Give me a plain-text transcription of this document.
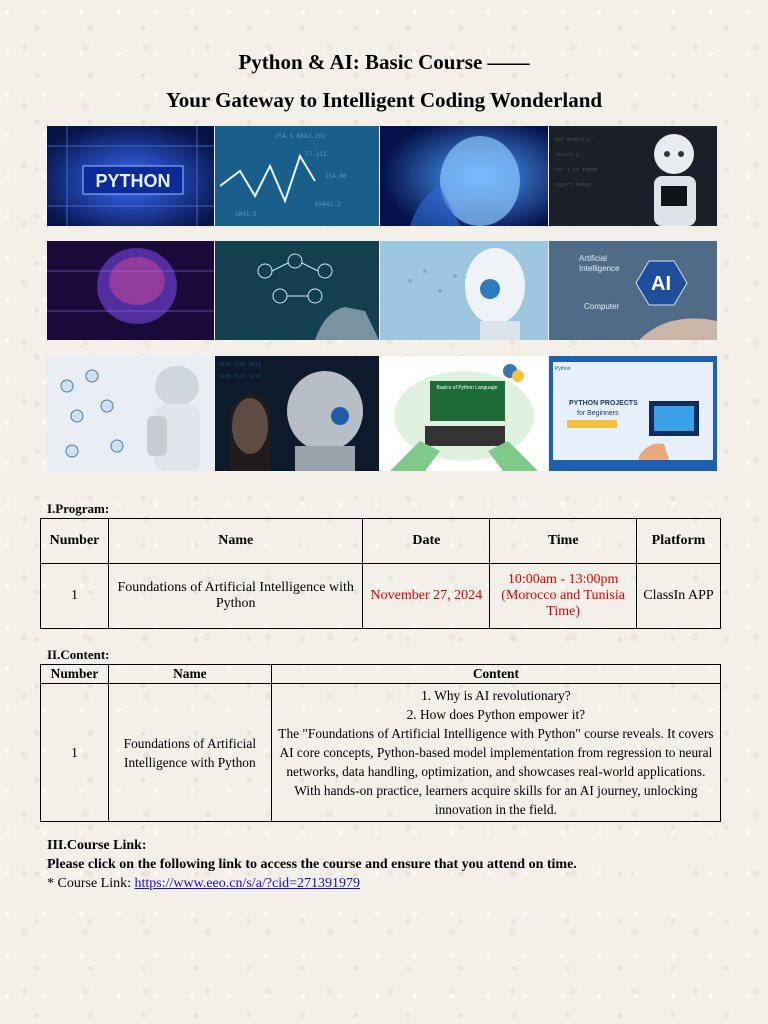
Python & AI: Basic Course ——
Your Gateway to Intelligent Coding Wonderland
PYTHON
254.5 6482.201
77.211
154.66
65443.2
1041.5
def model(x):
return y
for i in range
import numpy
Artificial
Intelligence
Computer
AI
0101 1101 0011
1100 0101 1010
Basics of Python Language
PYTHON PROJECTS
for Beginners
Python
I.Program:
Number	Name	Date	Time	Platform
1	Foundations of Artificial Intelligence with Python	November 27, 2024	10:00am - 13:00pm
(Morocco and Tunisia Time)	ClassIn APP
II.Content:
Number	Name	Content
1	Foundations of Artificial Intelligence with Python	1. Why is AI revolutionary?
2. How does Python empower it?
The "Foundations of Artificial Intelligence with Python" course reveals. It covers AI core concepts, Python-based model implementation from regression to neural networks, data handling, optimization, and showcases real-world applications. With hands-on practice, learners acquire skills for an AI journey, unlocking innovation in the field.
III.Course Link:
Please click on the following link to access the course and ensure that you attend on time.
* Course Link: https://www.eeo.cn/s/a/?cid=271391979
